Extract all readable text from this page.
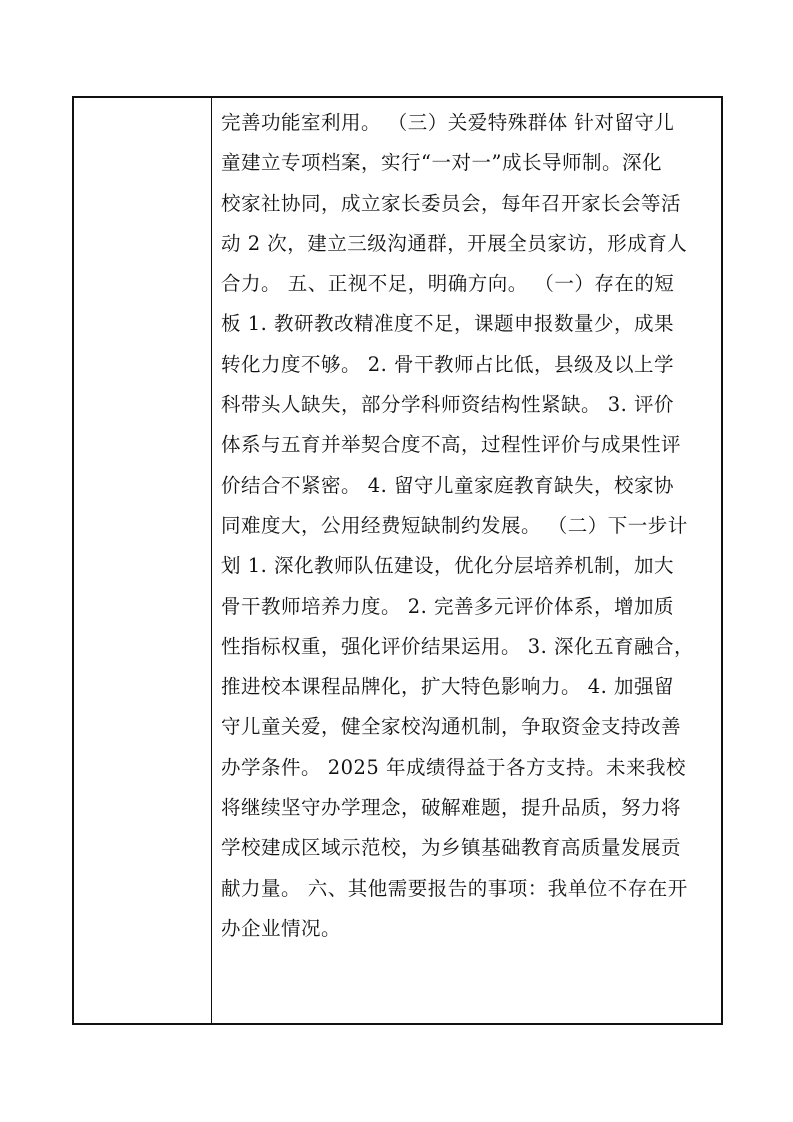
完善功能室利用。 （三）关爱特殊群体 针对留守儿
童建立专项档案，实行“一对一”成长导师制。深化
校家社协同，成立家长委员会，每年召开家长会等活
动 2 次，建立三级沟通群，开展全员家访，形成育人
合力。 五、正视不足，明确方向。 （一）存在的短
板 1. 教研教改精准度不足，课题申报数量少，成果
转化力度不够。 2. 骨干教师占比低，县级及以上学
科带头人缺失，部分学科师资结构性紧缺。 3. 评价
体系与五育并举契合度不高，过程性评价与成果性评
价结合不紧密。 4. 留守儿童家庭教育缺失，校家协
同难度大，公用经费短缺制约发展。 （二）下一步计
划 1. 深化教师队伍建设，优化分层培养机制，加大
骨干教师培养力度。 2. 完善多元评价体系，增加质
性指标权重，强化评价结果运用。 3. 深化五育融合，
推进校本课程品牌化，扩大特色影响力。 4. 加强留
守儿童关爱，健全家校沟通机制，争取资金支持改善
办学条件。 2025 年成绩得益于各方支持。未来我校
将继续坚守办学理念，破解难题，提升品质，努力将
学校建成区域示范校，为乡镇基础教育高质量发展贡
献力量。 六、其他需要报告的事项：我单位不存在开
办企业情况。
